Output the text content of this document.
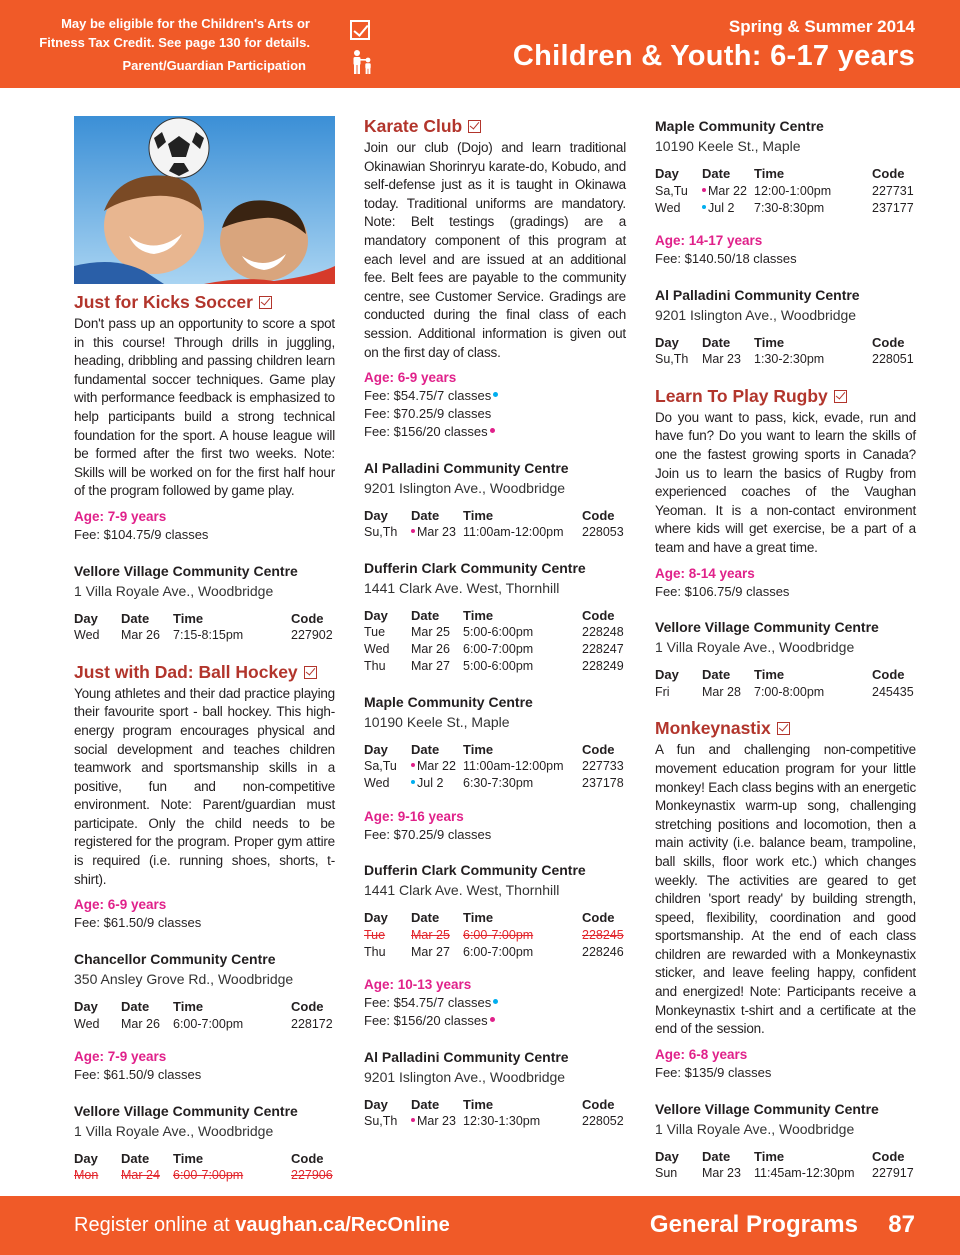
May be eligible for the Children's Arts or
Fitness Tax Credit. See page 130 for details.
Parent/Guardian Participation
Spring & Summer 2014
Children & Youth: 6-17 years
Just for Kicks Soccer
Don't pass up an opportunity to score a spot in this course! Through drills in juggling, heading, dribbling and passing children learn fundamental soccer techniques. Game play with performance feedback is emphasized to help participants build a strong technical foundation for the sport. A house league will be formed after the first two weeks. Note: Skills will be worked on for the first half hour of the program followed by game play.
Age: 7-9 years
Fee: $104.75/9 classes
Vellore Village Community Centre
1 Villa Royale Ave., Woodbridge
Day	Date	Time	Code
Wed	Mar 26	7:15-8:15pm	227902
Just with Dad: Ball Hockey
Young athletes and their dad practice playing their favourite sport - ball hockey. This high-energy program encourages physical and social development and teaches children teamwork and sportsmanship skills in a positive, fun and non-competitive environment. Note: Parent/guardian must participate. Only the child needs to be registered for the program. Proper gym attire is required (i.e. running shoes, shorts, t-shirt).
Age: 6-9 years
Fee: $61.50/9 classes
Chancellor Community Centre
350 Ansley Grove Rd., Woodbridge
Day	Date	Time	Code
Wed	Mar 26	6:00-7:00pm	228172
Age: 7-9 years
Fee: $61.50/9 classes
Vellore Village Community Centre
1 Villa Royale Ave., Woodbridge
Day	Date	Time	Code
Mon	Mar 24	6:00-7:00pm	227906
Karate Club
Join our club (Dojo) and learn traditional Okinawian Shorinryu karate-do, Kobudo, and self-defense just as it is taught in Okinawa today. Traditional uniforms are mandatory. Note: Belt testings (gradings) are a mandatory component of this program at each level and are issued at an additional fee. Belt fees are payable to the community centre, see Customer Service. Gradings are conducted during the final class of each session. Additional information is given out on the first day of class.
Age: 6-9 years
Fee: $54.75/7 classes
Fee: $70.25/9 classes
Fee: $156/20 classes
Al Palladini Community Centre
9201 Islington Ave., Woodbridge
Day	Date	Time	Code
Su,Th	Mar 23	11:00am-12:00pm	228053
Dufferin Clark Community Centre
1441 Clark Ave. West, Thornhill
Day	Date	Time	Code
Tue	Mar 25	5:00-6:00pm	228248
Wed	Mar 26	6:00-7:00pm	228247
Thu	Mar 27	5:00-6:00pm	228249
Maple Community Centre
10190 Keele St., Maple
Day	Date	Time	Code
Sa,Tu	Mar 22	11:00am-12:00pm	227733
Wed	Jul 2	6:30-7:30pm	237178
Age: 9-16 years
Fee: $70.25/9 classes
Dufferin Clark Community Centre
1441 Clark Ave. West, Thornhill
Day	Date	Time	Code
Tue	Mar 25	6:00-7:00pm	228245
Thu	Mar 27	6:00-7:00pm	228246
Age: 10-13 years
Fee: $54.75/7 classes
Fee: $156/20 classes
Al Palladini Community Centre
9201 Islington Ave., Woodbridge
Day	Date	Time	Code
Su,Th	Mar 23	12:30-1:30pm	228052
Maple Community Centre
10190 Keele St., Maple
Day	Date	Time	Code
Sa,Tu	Mar 22	12:00-1:00pm	227731
Wed	Jul 2	7:30-8:30pm	237177
Age: 14-17 years
Fee: $140.50/18 classes
Al Palladini Community Centre
9201 Islington Ave., Woodbridge
Day	Date	Time	Code
Su,Th	Mar 23	1:30-2:30pm	228051
Learn To Play Rugby
Do you want to pass, kick, evade, run and have fun? Do you want to learn the skills of one the fastest growing sports in Canada? Join us to learn the basics of Rugby from experienced coaches of the Vaughan Yeoman. It is a non-contact environment where kids will get exercise, be a part of a team and have a great time.
Age: 8-14 years
Fee: $106.75/9 classes
Vellore Village Community Centre
1 Villa Royale Ave., Woodbridge
Day	Date	Time	Code
Fri	Mar 28	7:00-8:00pm	245435
Monkeynastix
A fun and challenging non-competitive movement education program for your little monkey! Each class begins with an energetic Monkeynastix warm-up song, challenging stretching positions and locomotion, then a main activity (i.e. balance beam, trampoline, ball skills, floor work etc.) which changes weekly. The activities are geared to get children 'sport ready' by building strength, speed, flexibility, coordination and good sportsmanship. At the end of each class children are rewarded with a Monkeynastix sticker, and leave feeling happy, confident and energized! Note: Participants receive a Monkeynastix t-shirt and a certificate at the end of the session.
Age: 6-8 years
Fee: $135/9 classes
Vellore Village Community Centre
1 Villa Royale Ave., Woodbridge
Day	Date	Time	Code
Sun	Mar 23	11:45am-12:30pm	227917
Register online at vaughan.ca/RecOnline	General Programs 87
